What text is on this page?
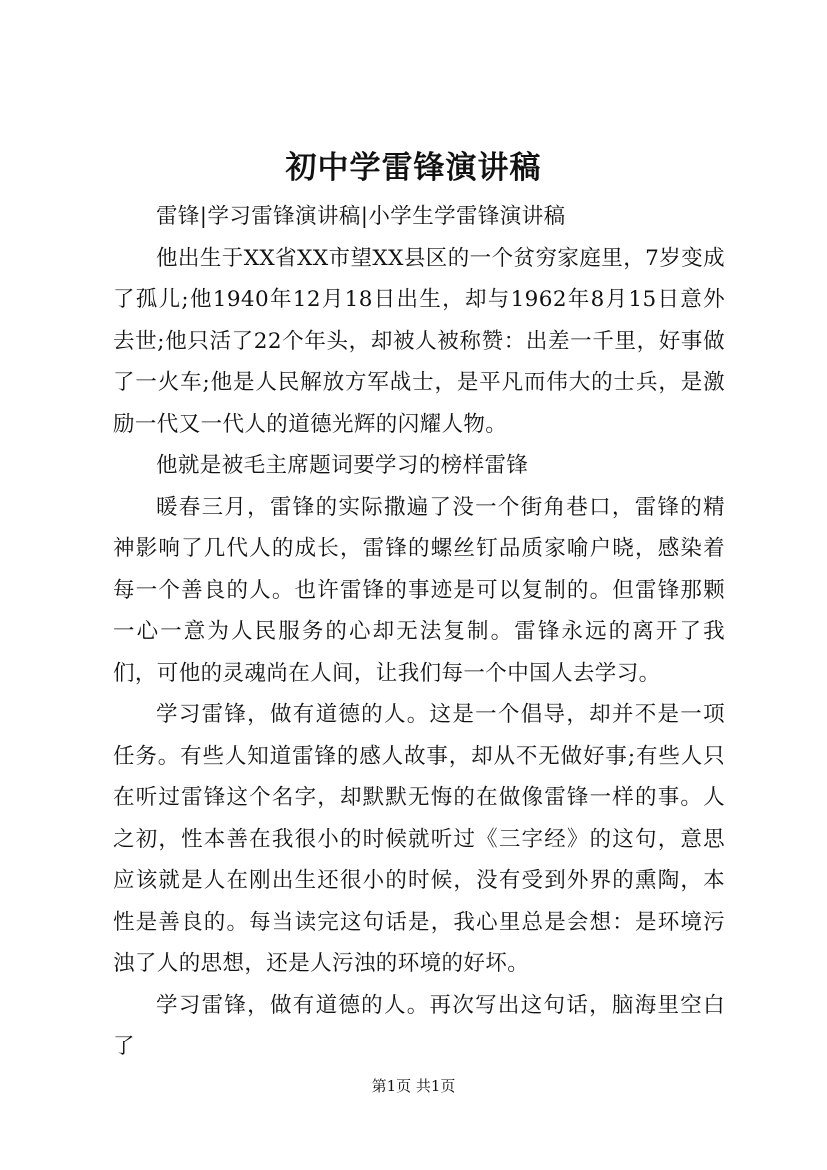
初中学雷锋演讲稿

雷锋|学习雷锋演讲稿|小学生学雷锋演讲稿

他出生于XX省XX市望XX县区的一个贫穷家庭里，7岁变成了孤儿;他1940年12月18日出生，却与1962年8月15日意外去世;他只活了22个年头，却被人被称赞：出差一千里，好事做了一火车;他是人民解放方军战士，是平凡而伟大的士兵，是激励一代又一代人的道德光辉的闪耀人物。

他就是被毛主席题词要学习的榜样雷锋

暖春三月，雷锋的实际撒遍了没一个街角巷口，雷锋的精神影响了几代人的成长，雷锋的螺丝钉品质家喻户晓，感染着每一个善良的人。也许雷锋的事迹是可以复制的。但雷锋那颗一心一意为人民服务的心却无法复制。雷锋永远的离开了我们，可他的灵魂尚在人间，让我们每一个中国人去学习。

学习雷锋，做有道德的人。这是一个倡导，却并不是一项任务。有些人知道雷锋的感人故事，却从不无做好事;有些人只在听过雷锋这个名字，却默默无悔的在做像雷锋一样的事。人之初，性本善在我很小的时候就听过《三字经》的这句，意思应该就是人在刚出生还很小的时候，没有受到外界的熏陶，本性是善良的。每当读完这句话是，我心里总是会想：是环境污浊了人的思想，还是人污浊的环境的好坏。

学习雷锋，做有道德的人。再次写出这句话，脑海里空白了

第1页 共1页
